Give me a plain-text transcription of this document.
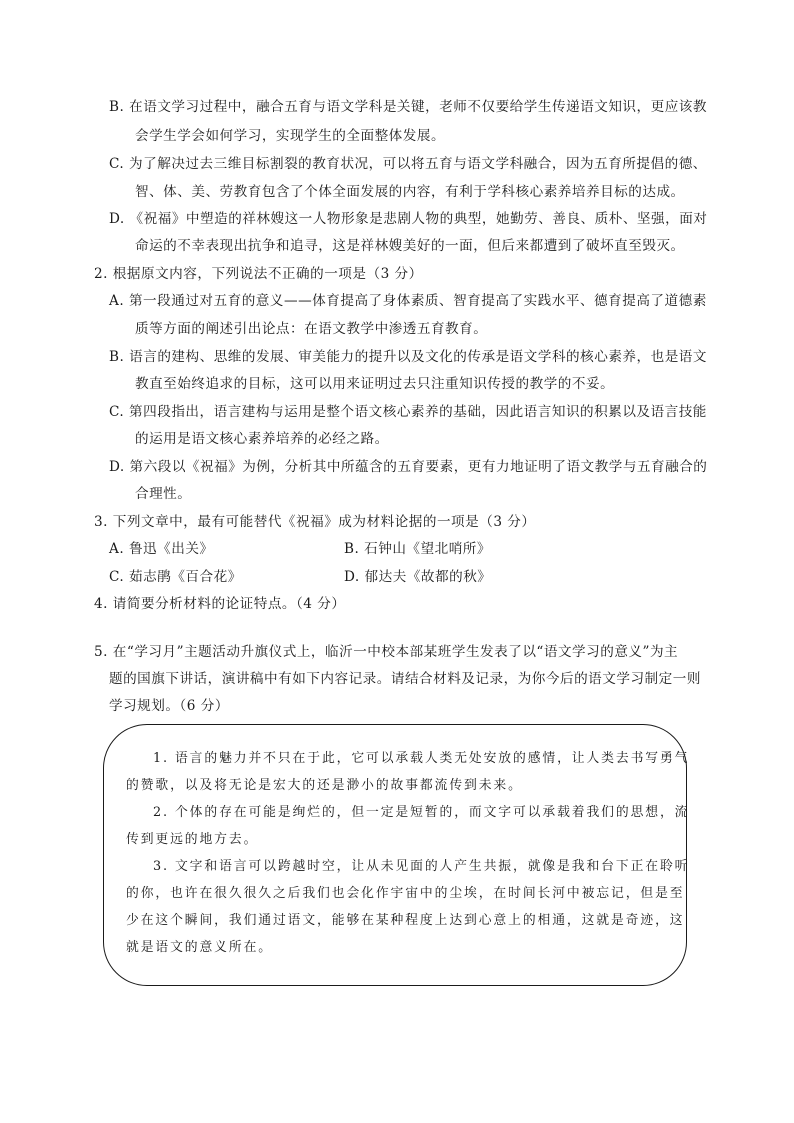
B. 在语文学习过程中，融合五育与语文学科是关键，老师不仅要给学生传递语文知识，更应该教
会学生学会如何学习，实现学生的全面整体发展。
C. 为了解决过去三维目标割裂的教育状况，可以将五育与语文学科融合，因为五育所提倡的德、
智、体、美、劳教育包含了个体全面发展的内容，有利于学科核心素养培养目标的达成。
D. 《祝福》中塑造的祥林嫂这一人物形象是悲剧人物的典型，她勤劳、善良、质朴、坚强，面对
命运的不幸表现出抗争和追寻，这是祥林嫂美好的一面，但后来都遭到了破坏直至毁灭。
2. 根据原文内容，下列说法不正确的一项是（3 分）
A. 第一段通过对五育的意义——体育提高了身体素质、智育提高了实践水平、德育提高了道德素
质等方面的阐述引出论点：在语文教学中渗透五育教育。
B. 语言的建构、思维的发展、审美能力的提升以及文化的传承是语文学科的核心素养，也是语文
教直至始终追求的目标，这可以用来证明过去只注重知识传授的教学的不妥。
C. 第四段指出，语言建构与运用是整个语文核心素养的基础，因此语言知识的积累以及语言技能
的运用是语文核心素养培养的必经之路。
D. 第六段以《祝福》为例，分析其中所蕴含的五育要素，更有力地证明了语文教学与五育融合的
合理性。
3. 下列文章中，最有可能替代《祝福》成为材料论据的一项是（3 分）
A. 鲁迅《出关》	B. 石钟山《望北哨所》
C. 茹志鹃《百合花》	D. 郁达夫《故都的秋》
4. 请简要分析材料的论证特点。（4 分）
5. 在“学习月”主题活动升旗仪式上，临沂一中校本部某班学生发表了以“语文学习的意义”为主
题的国旗下讲话，演讲稿中有如下内容记录。请结合材料及记录，为你今后的语文学习制定一则
学习规划。（6 分）
1. 语言的魅力并不只在于此，它可以承载人类无处安放的感情，让人类去书写勇气
的赞歌，以及将无论是宏大的还是渺小的故事都流传到未来。
2. 个体的存在可能是绚烂的，但一定是短暂的，而文字可以承载着我们的思想，流
传到更远的地方去。
3. 文字和语言可以跨越时空，让从未见面的人产生共振，就像是我和台下正在聆听
的你，也许在很久很久之后我们也会化作宇宙中的尘埃，在时间长河中被忘记，但是至
少在这个瞬间，我们通过语文，能够在某种程度上达到心意上的相通，这就是奇迹，这
就是语文的意义所在。
